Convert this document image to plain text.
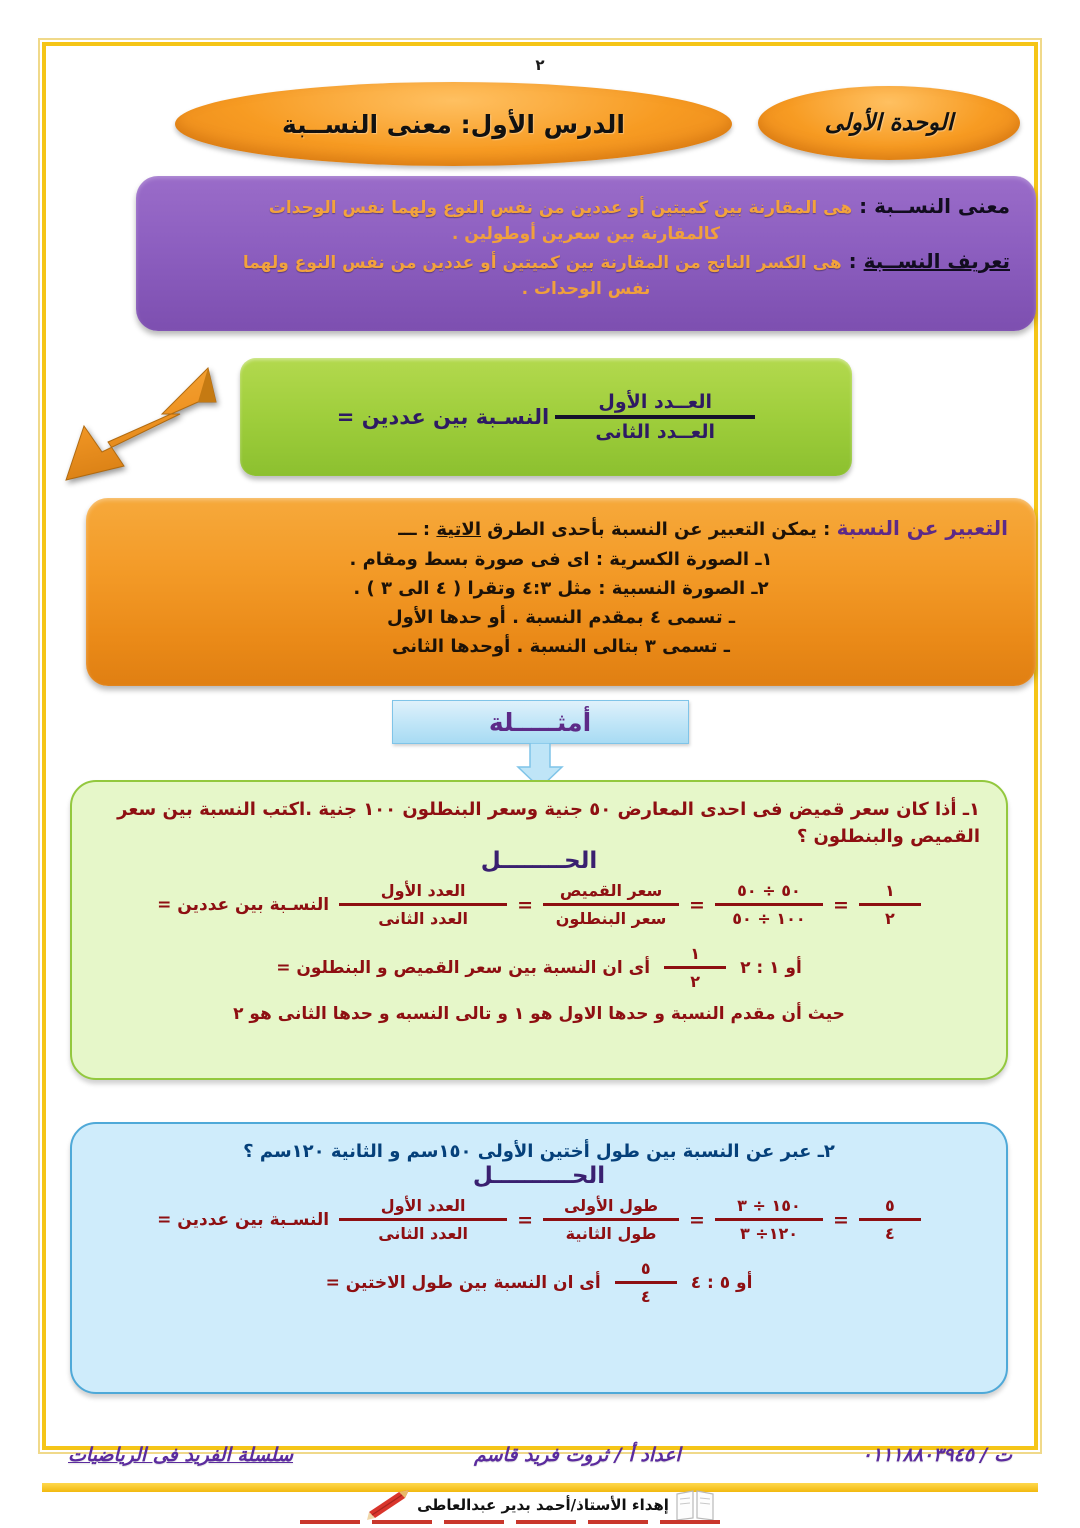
٢
الوحدة الأولى
الدرس الأول: معنى النســبة
معنى النســبة : هى المقارنة بين كميتين أو عددين من نفس النوع ولهما نفس الوحدات
كالمقارنة بين سعرين أوطولين .
تعريف النســبة : هى الكسر الناتج من المقارنة بين كميتين أو عددين من نفس النوع ولهما
نفس الوحدات .
$\frac{\text{العــدد الأول}}{\text{العــدد الثانى}}$
النسـبة بين عددين =
التعبير عن النسبة : يمكن التعبير عن النسبة بأحدى الطرق الاتية : ـــ
١ـ الصورة الكسرية : اى فى صورة بسط ومقام .
٢ـ الصورة النسبية : مثل ٤:٣ وتقرا ( ٤ الى ٣ ) .
ـ تسمى ٤ بمقدم النسبة . أو حدها الأول
ـ تسمى ٣ بتالى النسبة . أوحدها الثانى
أمثـــــلة
١ـ أذا كان سعر قميض فى احدى المعارض ٥٠ جنية وسعر البنطلون ١٠٠ جنية .اكتب النسبة بين سعر القميص والبنطلون ؟
الحــــــــل
النسـبة بين عددين = $\frac{\text{العدد الأول}}{\text{العدد الثانى}} = \frac{\text{سعر القميص}}{\text{سعر البنطلون}} = \frac{٥٠ \div ٥٠}{١٠٠ \div ٥٠} = \frac{١}{٢}$
أى ان النسبة بين سعر القميص و البنطلون = $\frac{١}{٢}$ أو ١ : ٢
حيث أن مقدم النسبة و حدها الاول هو ١ و تالى النسبه و حدها الثانى هو ٢
٢ـ عبر عن النسبة بين طول أختين الأولى ١٥٠سم و الثانية ١٢٠سم ؟
الحــــــــــل
النسـبة بين عددين = $\frac{\text{العدد الأول}}{\text{العدد الثانى}} = \frac{\text{طول الأولى}}{\text{طول الثانية}} = \frac{١٥٠ \div ٣}{١٢٠\div ٣} = \frac{٥}{٤}$
أى ان النسبة بين طول الاختين = $\frac{٥}{٤}$ أو ٥ : ٤
ت / ٠١١١٨٨٠٣٩٤٥
اعداد أ / ثروت فريد قاسم
سلسلة الفريد فى الرياضيات
إهداء الأستاذ/أحمد بدير عبدالعاطى
